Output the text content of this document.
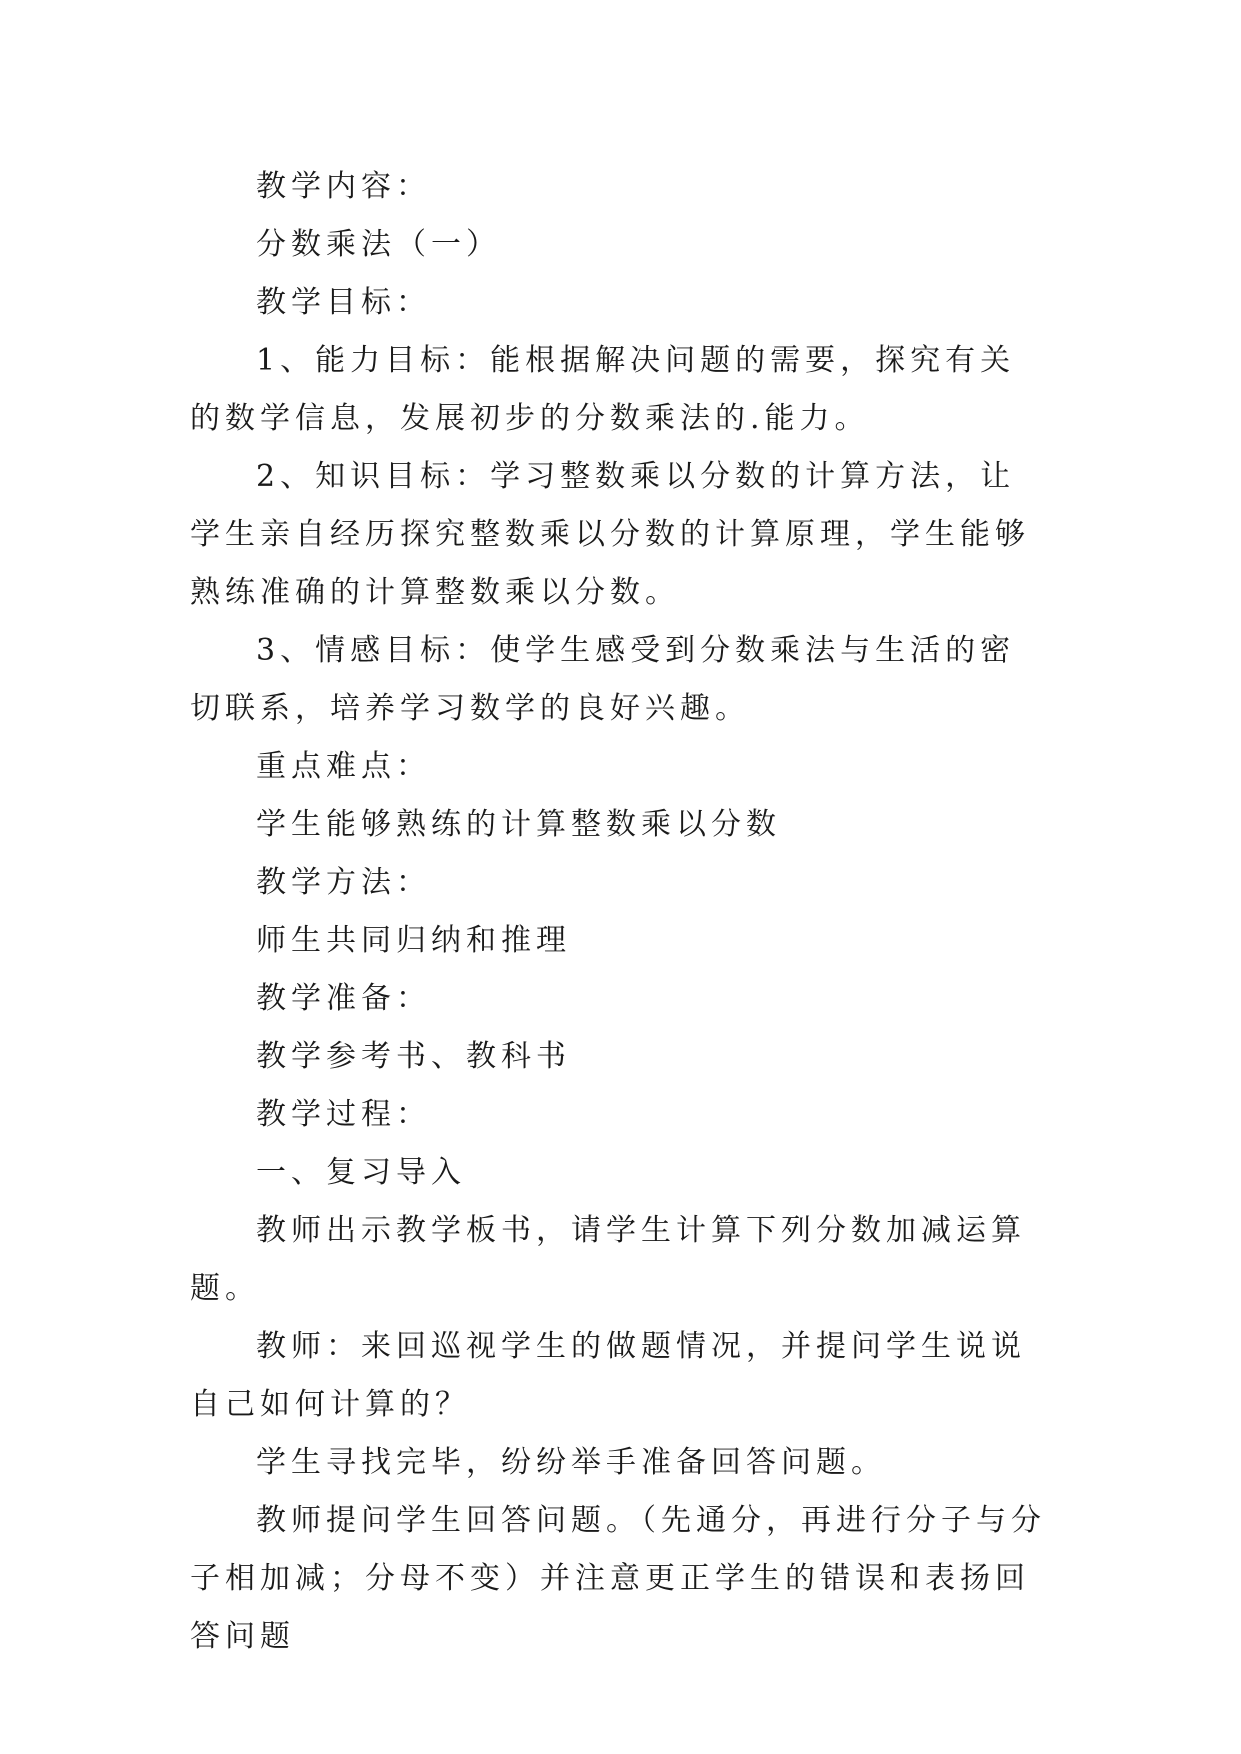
教学内容：

分数乘法（一）

教学目标：

1、能力目标：能根据解决问题的需要，探究有关的数学信息，发展初步的分数乘法的.能力。

2、知识目标：学习整数乘以分数的计算方法，让学生亲自经历探究整数乘以分数的计算原理，学生能够熟练准确的计算整数乘以分数。

3、情感目标：使学生感受到分数乘法与生活的密切联系，培养学习数学的良好兴趣。

重点难点：

学生能够熟练的计算整数乘以分数

教学方法：

师生共同归纳和推理

教学准备：

教学参考书、教科书

教学过程：

一、复习导入

教师出示教学板书，请学生计算下列分数加减运算题。

教师：来回巡视学生的做题情况，并提问学生说说自己如何计算的？

学生寻找完毕，纷纷举手准备回答问题。

教师提问学生回答问题。（先通分，再进行分子与分子相加减；分母不变）并注意更正学生的错误和表扬回答问题
